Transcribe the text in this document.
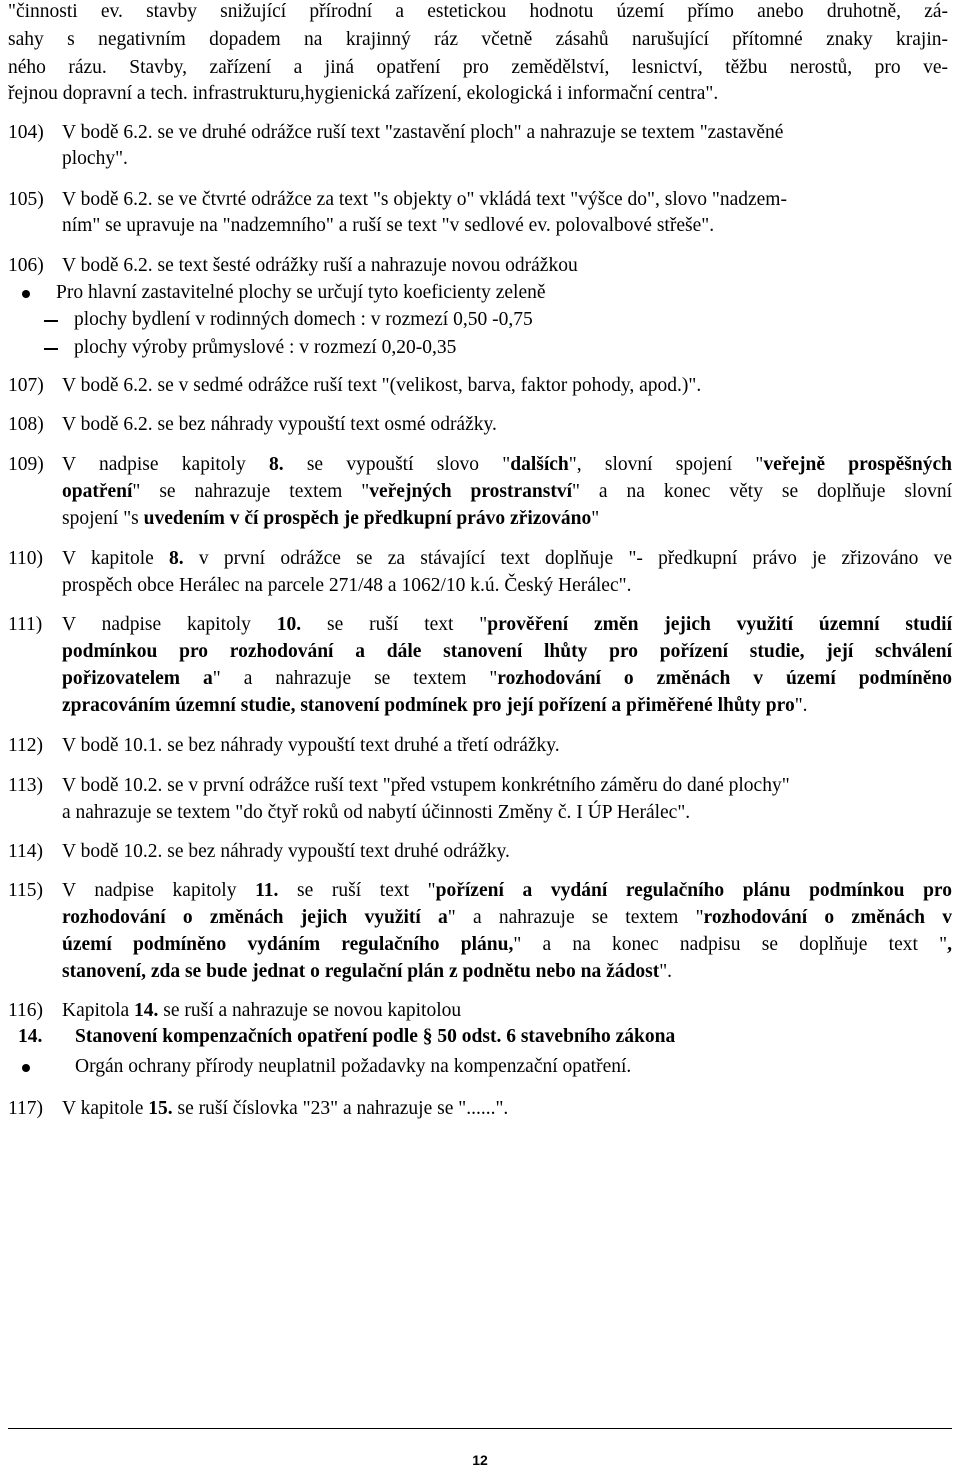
"činnosti ev. stavby snižující přírodní a estetickou hodnotu území přímo anebo druhotně, zá-

sahy s negativním dopadem na krajinný ráz včetně zásahů narušující přítomné znaky krajin-

ného rázu. Stavby, zařízení a jiná opatření pro zemědělství, lesnictví, těžbu nerostů, pro ve-

řejnou dopravní a tech. infrastrukturu,hygienická zařízení, ekologická i informační centra".

104) V bodě 6.2. se ve druhé odrážce ruší text "zastavění ploch" a nahrazuje se textem "zastavěné

plochy".

105) V bodě 6.2. se ve čtvrté odrážce za text "s objekty o" vkládá text "výšce do", slovo "nadzem-

ním" se upravuje na "nadzemního" a ruší se text "v sedlové ev. polovalbové střeše".

106) V bodě 6.2. se text šesté odrážky ruší a nahrazuje novou odrážkou

Pro hlavní zastavitelné plochy se určují tyto koeficienty zeleně

plochy bydlení v rodinných domech : v rozmezí 0,50 -0,75

plochy výroby průmyslové : v rozmezí 0,20-0,35

107) V bodě 6.2. se v sedmé odrážce ruší text "(velikost, barva, faktor pohody, apod.)".

108) V bodě 6.2. se bez náhrady vypouští text osmé odrážky.

109) V nadpise kapitoly 8. se vypouští slovo "dalších", slovní spojení "veřejně prospěšných

opatření" se nahrazuje textem "veřejných prostranství" a na konec věty se doplňuje slovní

spojení "s uvedením v čí prospěch je předkupní právo zřizováno"

110) V kapitole 8. v první odrážce se za stávající text doplňuje "- předkupní právo je zřizováno ve

prospěch obce Herálec na parcele 271/48 a 1062/10 k.ú. Český Herálec".

111) V nadpise kapitoly 10. se ruší text "prověření změn jejich využití územní studií

podmínkou pro rozhodování a dále stanovení lhůty pro pořízení studie, její schválení

pořizovatelem a" a nahrazuje se textem "rozhodování o změnách v území podmíněno

zpracováním územní studie, stanovení podmínek pro její pořízení a přiměřené lhůty pro".

112) V bodě 10.1. se bez náhrady vypouští text druhé a třetí odrážky.

113) V bodě 10.2. se v první odrážce ruší text "před vstupem konkrétního záměru do dané plochy"

a nahrazuje se textem "do čtyř roků od nabytí účinnosti Změny č. I ÚP Herálec".

114) V bodě 10.2. se bez náhrady vypouští text druhé odrážky.

115) V nadpise kapitoly 11. se ruší text "pořízení a vydání regulačního plánu podmínkou pro

rozhodování o změnách jejich využití a" a nahrazuje se textem "rozhodování o změnách v

území podmíněno vydáním regulačního plánu," a na konec nadpisu se doplňuje text ",

stanovení, zda se bude jednat o regulační plán z podnětu nebo na žádost".

116) Kapitola 14. se ruší a nahrazuje se novou kapitolou

14. Stanovení kompenzačních opatření podle § 50 odst. 6 stavebního zákona

Orgán ochrany přírody neuplatnil požadavky na kompenzační opatření.

117) V kapitole 15. se ruší číslovka "23" a nahrazuje se "......".

12
